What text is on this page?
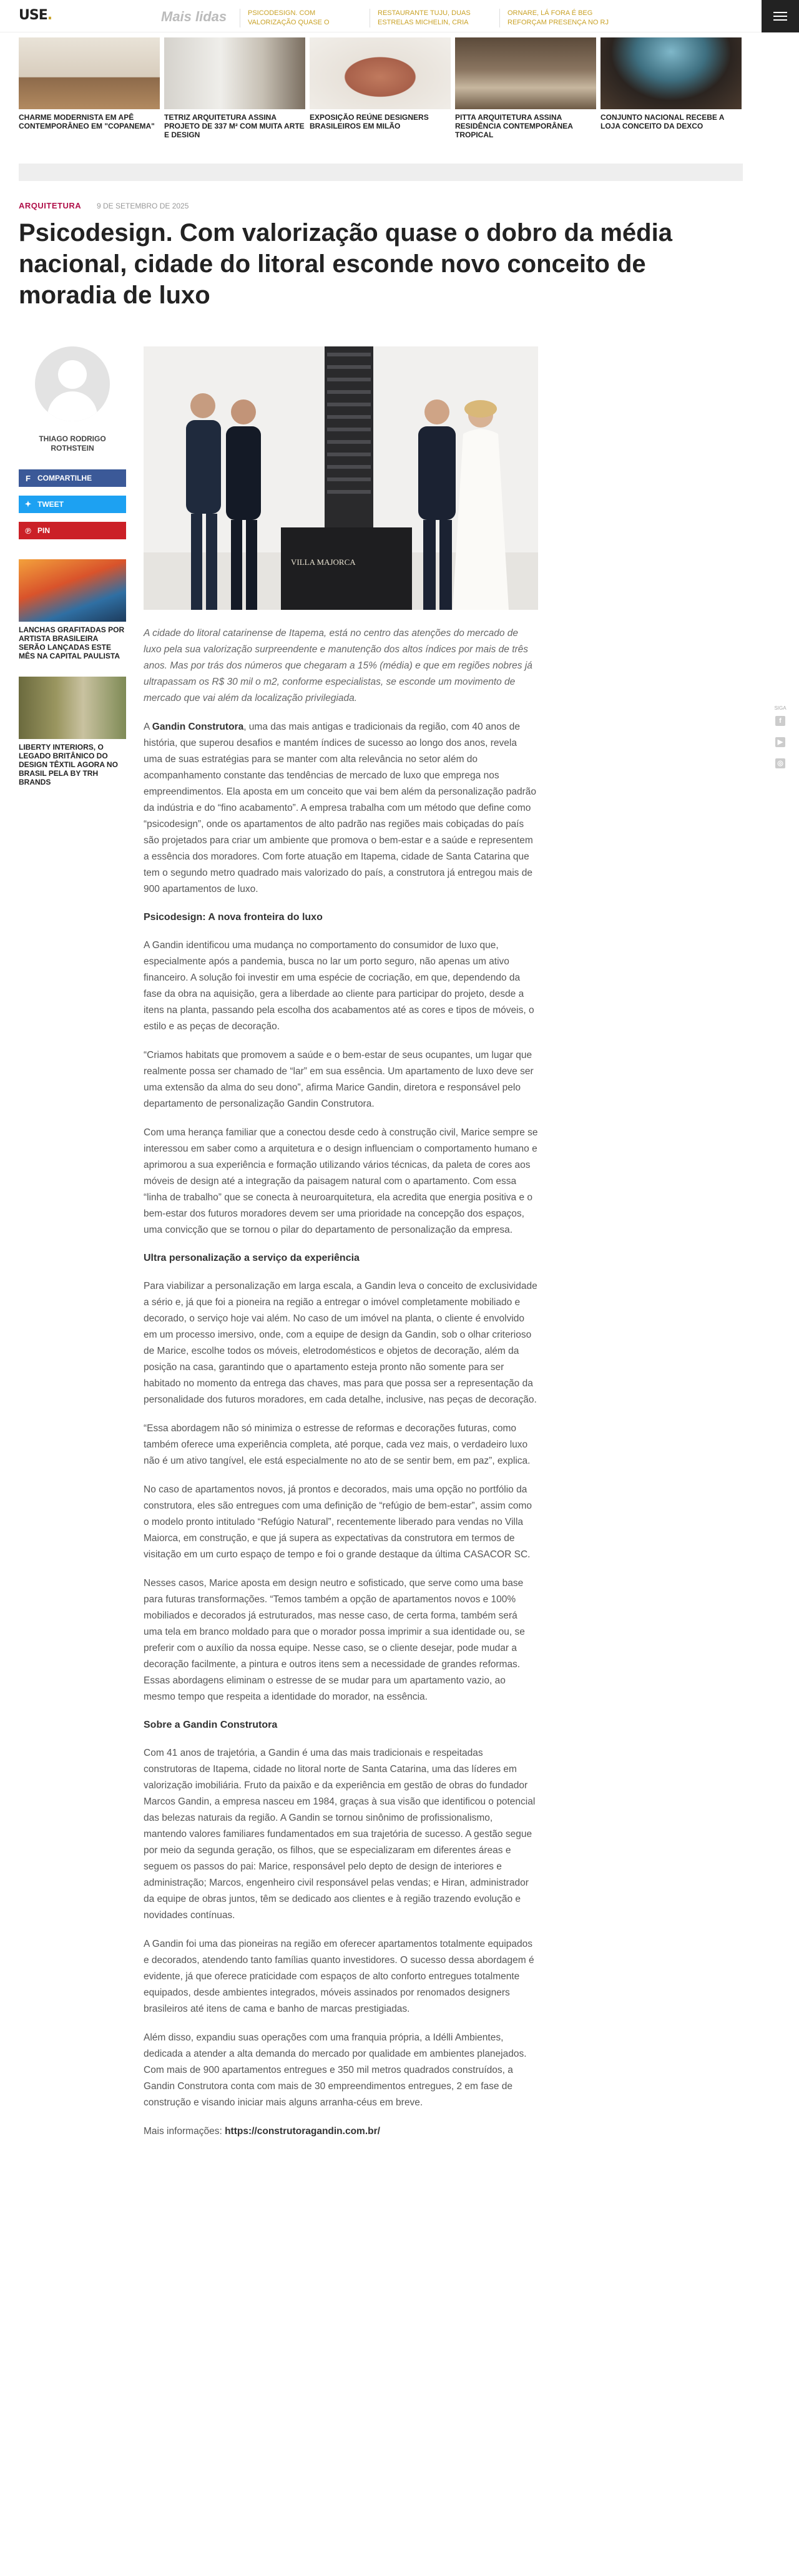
USE.	Mais lidas	PSICODESIGN. COM VALORIZAÇÃO QUASE O
RESTAURANTE TUJU, DUAS ESTRELAS MICHELIN, CRIA
ORNARE, LÁ FORA É BEG REFORÇAM PRESENÇA NO RJ
CHARME MODERNISTA EM APÊ CONTEMPORÂNEO EM "COPANEMA"
TETRIZ ARQUITETURA ASSINA PROJETO DE 337 M² COM MUITA ARTE E DESIGN
EXPOSIÇÃO REÚNE DESIGNERS BRASILEIROS EM MILÃO
PITTA ARQUITETURA ASSINA RESIDÊNCIA CONTEMPORÂNEA TROPICAL
CONJUNTO NACIONAL RECEBE A LOJA CONCEITO DA DEXCO
ARQUITETURA 9 DE SETEMBRO DE 2025
Psicodesign. Com valorização quase o dobro da média nacional, cidade do litoral esconde novo conceito de moradia de luxo
THIAGO RODRIGO ROTHSTEIN
F COMPARTILHE
✦ TWEET
℗ PIN
LANCHAS GRAFITADAS POR ARTISTA BRASILEIRA SERÃO LANÇADAS ESTE MÊS NA CAPITAL PAULISTA
LIBERTY INTERIORS, O LEGADO BRITÂNICO DO DESIGN TÊXTIL AGORA NO BRASIL PELA BY TRH BRANDS
VILLA MAJORCA

A cidade do litoral catarinense de Itapema, está no centro das atenções do mercado de luxo pela sua valorização surpreendente e manutenção dos altos índices por mais de três anos. Mas por trás dos números que chegaram a 15% (média) e que em regiões nobres já ultrapassam os R$ 30 mil o m2, conforme especialistas, se esconde um movimento de mercado que vai além da localização privilegiada.

A Gandin Construtora, uma das mais antigas e tradicionais da região, com 40 anos de história, que superou desafios e mantém índices de sucesso ao longo dos anos, revela uma de suas estratégias para se manter com alta relevância no setor além do acompanhamento constante das tendências de mercado de luxo que emprega nos empreendimentos. Ela aposta em um conceito que vai bem além da personalização padrão da indústria e do “fino acabamento”. A empresa trabalha com um método que define como “psicodesign”, onde os apartamentos de alto padrão nas regiões mais cobiçadas do país são projetados para criar um ambiente que promova o bem-estar e a saúde e representem a essência dos moradores. Com forte atuação em Itapema, cidade de Santa Catarina que tem o segundo metro quadrado mais valorizado do país, a construtora já entregou mais de 900 apartamentos de luxo.

Psicodesign: A nova fronteira do luxo

A Gandin identificou uma mudança no comportamento do consumidor de luxo que, especialmente após a pandemia, busca no lar um porto seguro, não apenas um ativo financeiro. A solução foi investir em uma espécie de cocriação, em que, dependendo da fase da obra na aquisição, gera a liberdade ao cliente para participar do projeto, desde a itens na planta, passando pela escolha dos acabamentos até as cores e tipos de móveis, o estilo e as peças de decoração.

“Criamos habitats que promovem a saúde e o bem-estar de seus ocupantes, um lugar que realmente possa ser chamado de “lar” em sua essência. Um apartamento de luxo deve ser uma extensão da alma do seu dono”, afirma Marice Gandin, diretora e responsável pelo departamento de personalização Gandin Construtora.

Com uma herança familiar que a conectou desde cedo à construção civil, Marice sempre se interessou em saber como a arquitetura e o design influenciam o comportamento humano e aprimorou a sua experiência e formação utilizando vários técnicas, da paleta de cores aos móveis de design até a integração da paisagem natural com o apartamento. Com essa “linha de trabalho” que se conecta à neuroarquitetura, ela acredita que energia positiva e o bem-estar dos futuros moradores devem ser uma prioridade na concepção dos espaços, uma convicção que se tornou o pilar do departamento de personalização da empresa.

Ultra personalização a serviço da experiência

Para viabilizar a personalização em larga escala, a Gandin leva o conceito de exclusividade a sério e, já que foi a pioneira na região a entregar o imóvel completamente mobiliado e decorado, o serviço hoje vai além. No caso de um imóvel na planta, o cliente é envolvido em um processo imersivo, onde, com a equipe de design da Gandin, sob o olhar criterioso de Marice, escolhe todos os móveis, eletrodomésticos e objetos de decoração, além da posição na casa, garantindo que o apartamento esteja pronto não somente para ser habitado no momento da entrega das chaves, mas para que possa ser a representação da personalidade dos futuros moradores, em cada detalhe, inclusive, nas peças de decoração.

“Essa abordagem não só minimiza o estresse de reformas e decorações futuras, como também oferece uma experiência completa, até porque, cada vez mais, o verdadeiro luxo não é um ativo tangível, ele está especialmente no ato de se sentir bem, em paz”, explica.

No caso de apartamentos novos, já prontos e decorados, mais uma opção no portfólio da construtora, eles são entregues com uma definição de “refúgio de bem-estar”, assim como o modelo pronto intitulado “Refúgio Natural”, recentemente liberado para vendas no Villa Maiorca, em construção, e que já supera as expectativas da construtora em termos de visitação em um curto espaço de tempo e foi o grande destaque da última CASACOR SC.

Nesses casos, Marice aposta em design neutro e sofisticado, que serve como uma base para futuras transformações. “Temos também a opção de apartamentos novos e 100% mobiliados e decorados já estruturados, mas nesse caso, de certa forma, também será uma tela em branco moldado para que o morador possa imprimir a sua identidade ou, se preferir com o auxílio da nossa equipe. Nesse caso, se o cliente desejar, pode mudar a decoração facilmente, a pintura e outros itens sem a necessidade de grandes reformas. Essas abordagens eliminam o estresse de se mudar para um apartamento vazio, ao mesmo tempo que respeita a identidade do morador, na essência.

Sobre a Gandin Construtora

Com 41 anos de trajetória, a Gandin é uma das mais tradicionais e respeitadas construtoras de Itapema, cidade no litoral norte de Santa Catarina, uma das líderes em valorização imobiliária. Fruto da paixão e da experiência em gestão de obras do fundador Marcos Gandin, a empresa nasceu em 1984, graças à sua visão que identificou o potencial das belezas naturais da região. A Gandin se tornou sinônimo de profissionalismo, mantendo valores familiares fundamentados em sua trajetória de sucesso. A gestão segue por meio da segunda geração, os filhos, que se especializaram em diferentes áreas e seguem os passos do pai: Marice, responsável pelo depto de design de interiores e administração; Marcos, engenheiro civil responsável pelas vendas; e Hiran, administrador da equipe de obras juntos, têm se dedicado aos clientes e à região trazendo evolução e novidades contínuas.

A Gandin foi uma das pioneiras na região em oferecer apartamentos totalmente equipados e decorados, atendendo tanto famílias quanto investidores. O sucesso dessa abordagem é evidente, já que oferece praticidade com espaços de alto conforto entregues totalmente equipados, desde ambientes integrados, móveis assinados por renomados designers brasileiros até itens de cama e banho de marcas prestigiadas.

Além disso, expandiu suas operações com uma franquia própria, a Idélli Ambientes, dedicada a atender a alta demanda do mercado por qualidade em ambientes planejados. Com mais de 900 apartamentos entregues e 350 mil metros quadrados construídos, a Gandin Construtora conta com mais de 30 empreendimentos entregues, 2 em fase de construção e visando iniciar mais alguns arranha-céus em breve.

Mais informações: https://construtoragandin.com.br/

SIGA
f
▶
◎
